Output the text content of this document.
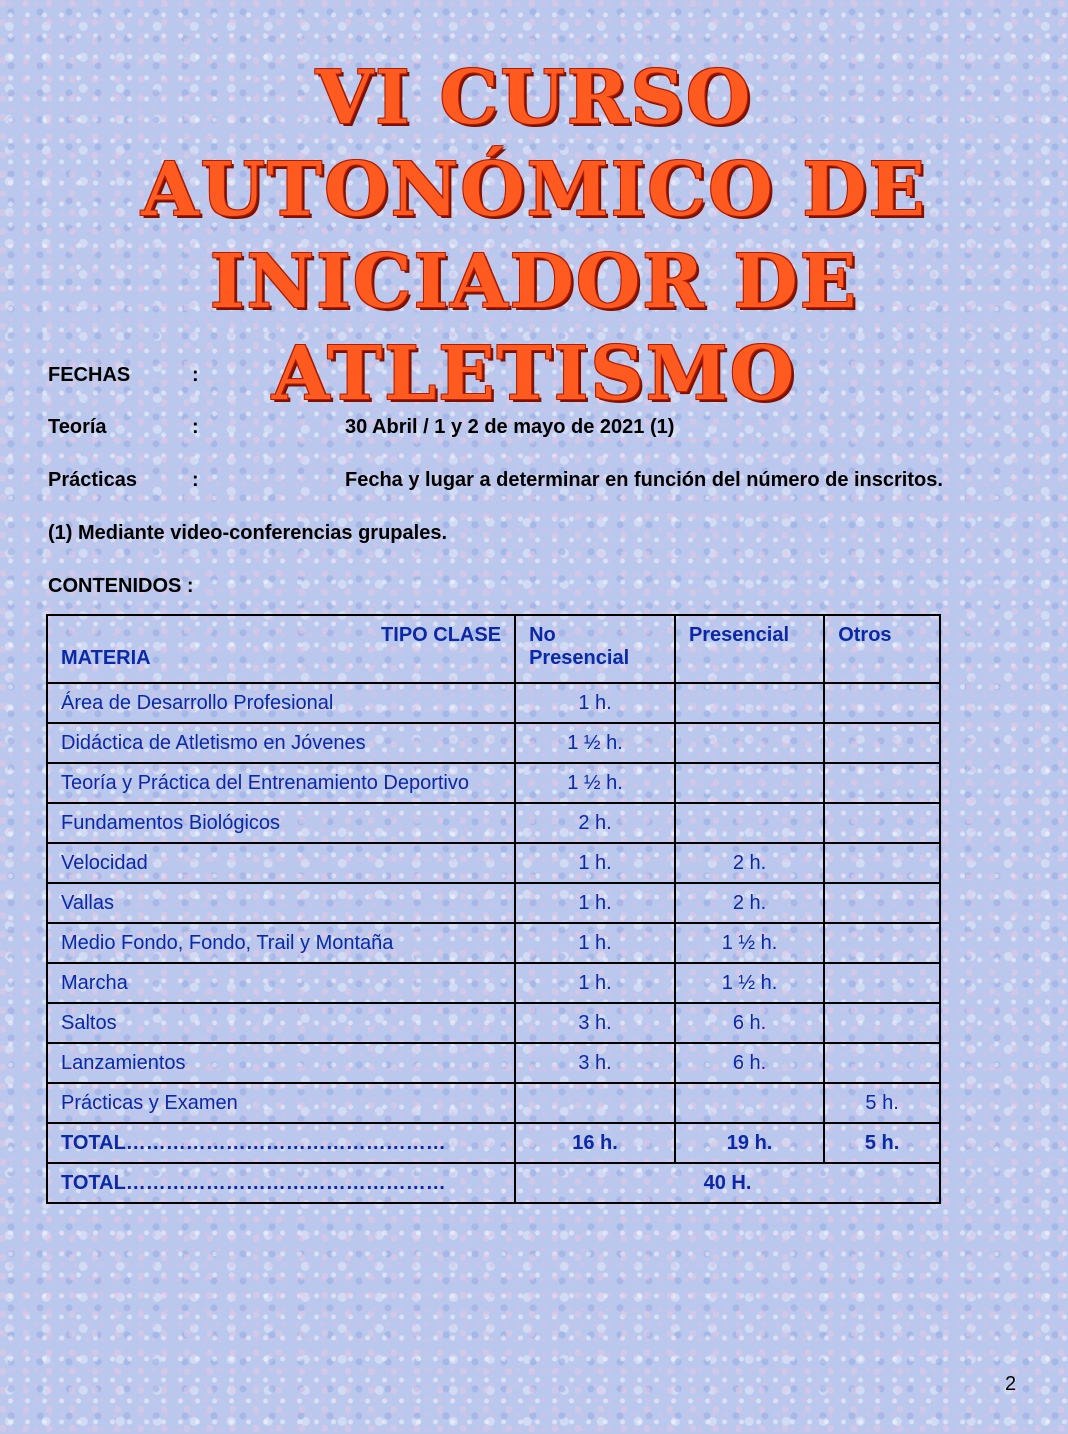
VI CURSO AUTONÓMICO DE
INICIADOR DE ATLETISMO
FECHAS	:
Teoría	:	30 Abril / 1 y 2 de mayo de 2021 (1)
Prácticas	:	Fecha y lugar a determinar en función del número de inscritos.
(1) Mediante video-conferencias grupales.
CONTENIDOS :
TIPO CLASE
MATERIA	No Presencial	Presencial	Otros
Área de Desarrollo Profesional	1 h.		
Didáctica de Atletismo en Jóvenes	1 ½ h.		
Teoría y Práctica del Entrenamiento Deportivo	1 ½ h.		
Fundamentos Biológicos	2 h.		
Velocidad	1 h.	2 h.	
Vallas	1 h.	2 h.	
Medio Fondo, Fondo, Trail y Montaña	1 h.	1 ½ h.	
Marcha	1 h.	1 ½ h.	
Saltos	3 h.	6 h.	
Lanzamientos	3 h.	6 h.	
Prácticas y Examen			5 h.
TOTAL…………………………………………	16 h.	19 h.	5 h.
TOTAL…………………………………………	40 H.		
2
